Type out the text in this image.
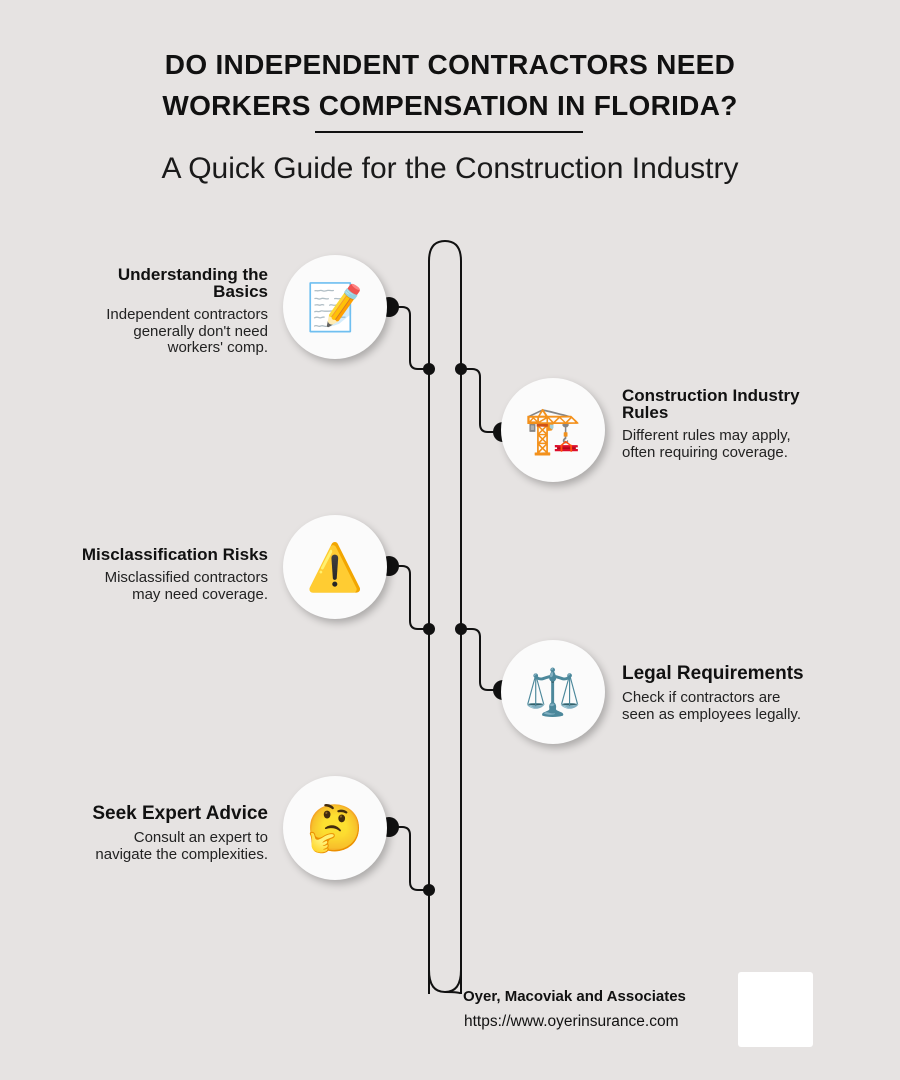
DO INDEPENDENT CONTRACTORS NEED
WORKERS COMPENSATION IN FLORIDA?
A Quick Guide for the Construction Industry
📝
Understanding the
Basics
Independent contractors
generally don't need
workers' comp.
🏗️
Construction Industry
Rules
Different rules may apply,
often requiring coverage.
⚠️
Misclassification Risks
Misclassified contractors
may need coverage.
⚖️ Legal Requirements
Check if contractors are
seen as employees legally.
🤔
Seek Expert Advice
Consult an expert to
navigate the complexities.
Oyer, Macoviak and Associates
https://www.oyerinsurance.com
